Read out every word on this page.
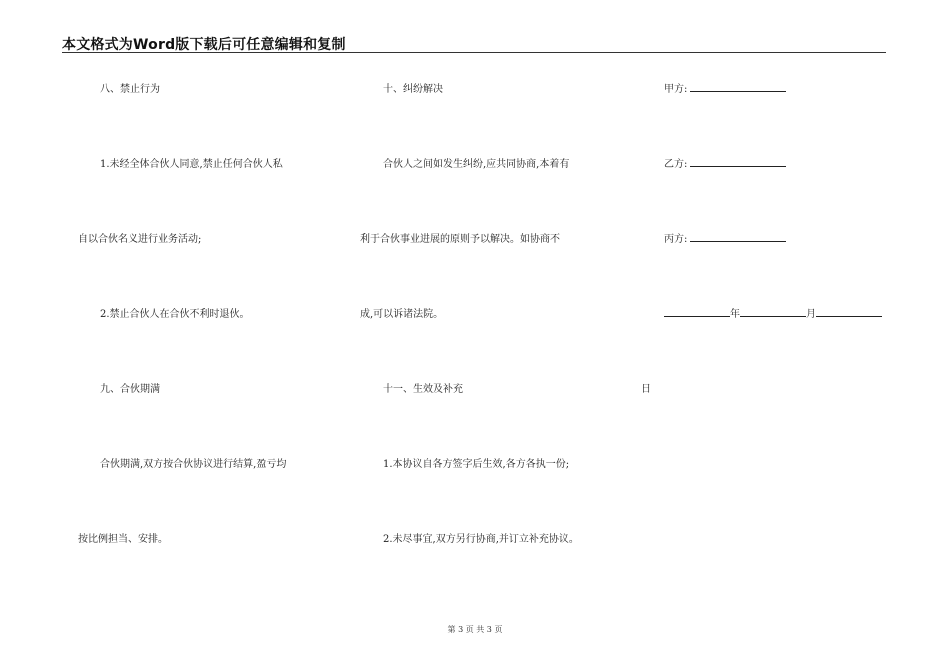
本文格式为Word版下载后可任意编辑和复制
八、禁止行为
1.未经全体合伙人同意,禁止任何合伙人私
自以合伙名义进行业务活动;
2.禁止合伙人在合伙不利时退伙。
九、合伙期满
合伙期满,双方按合伙协议进行结算,盈亏均
按比例担当、安排。
十、纠纷解决
合伙人之间如发生纠纷,应共同协商,本着有
利于合伙事业进展的原则予以解决。如协商不
成,可以诉诸法院。
十一、生效及补充
1.本协议自各方签字后生效,各方各执一份;
2.未尽事宜,双方另行协商,并订立补充协议。
甲方:
乙方:
丙方:
年	月
日
第 3 页 共 3 页
